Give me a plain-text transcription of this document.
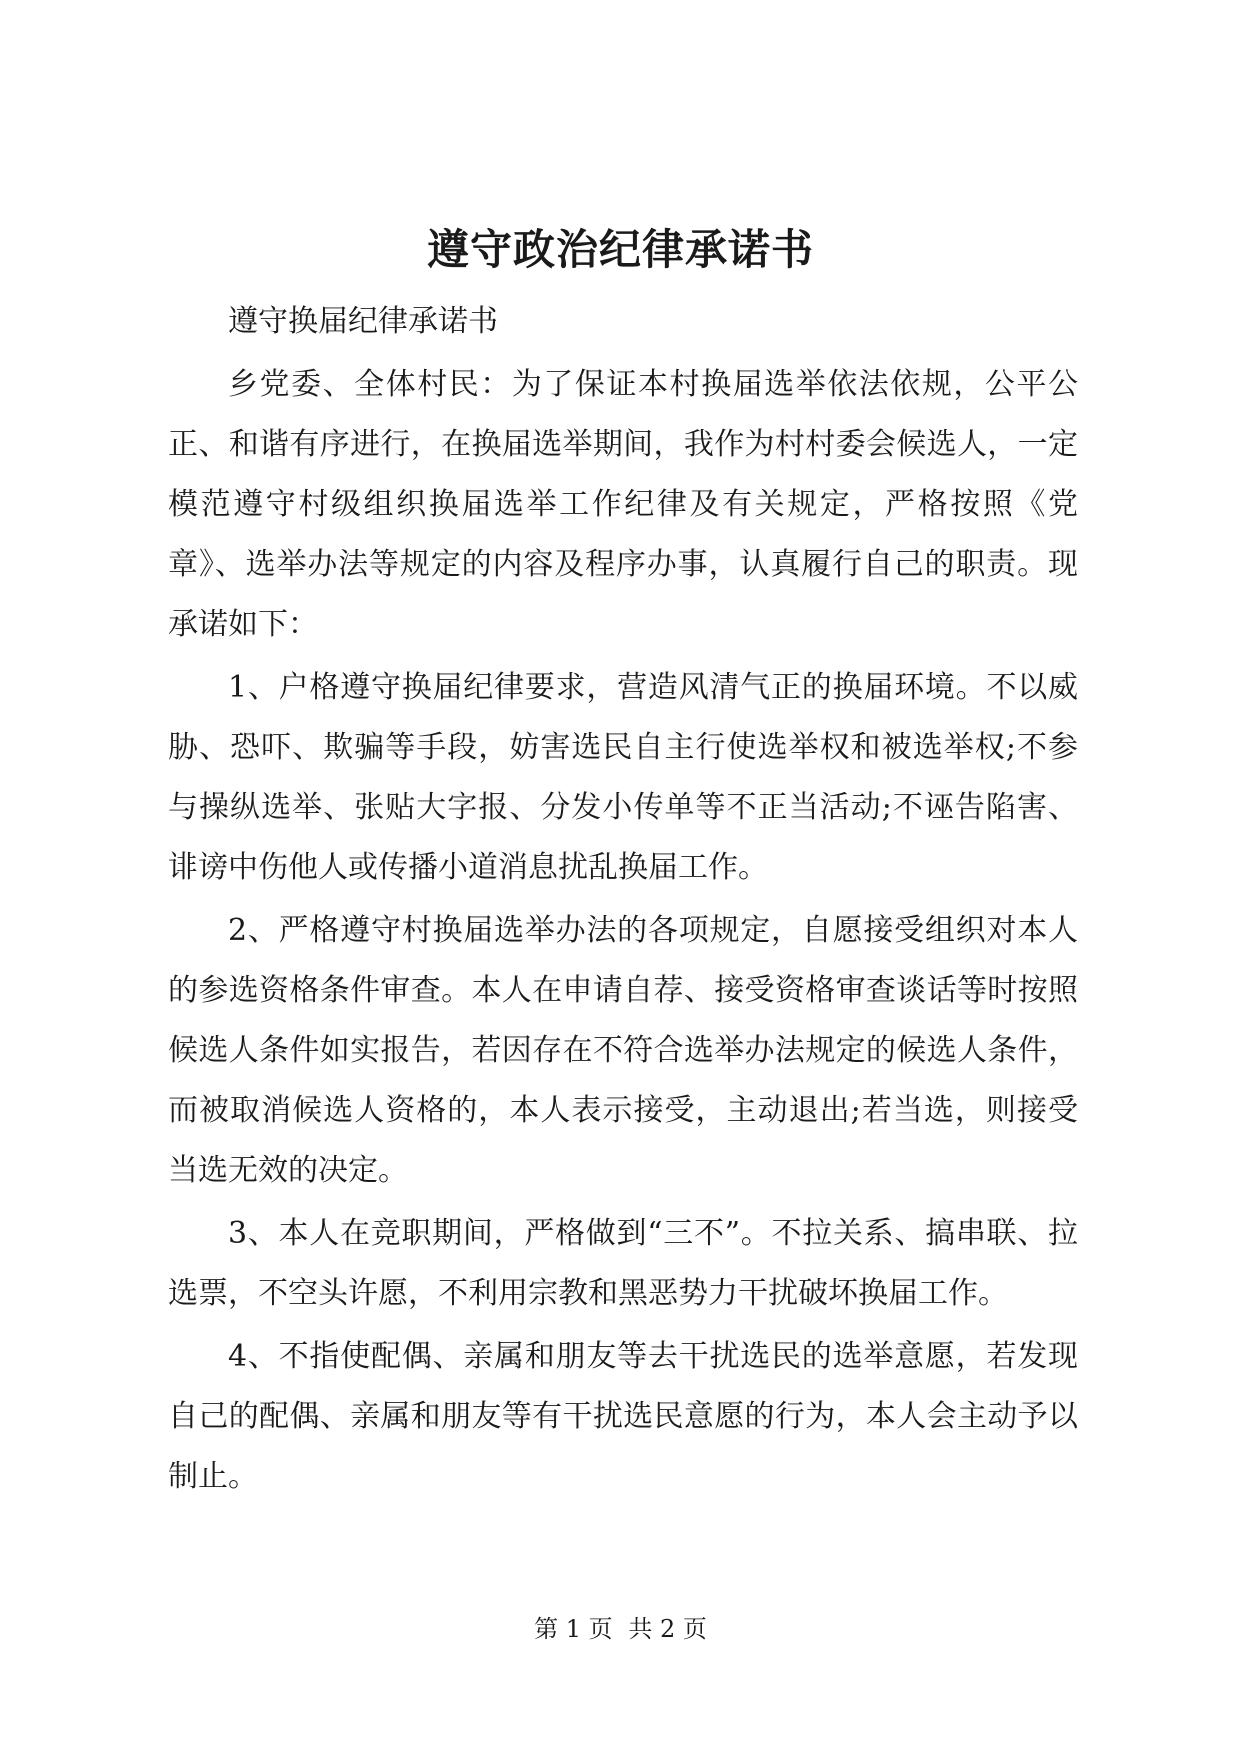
遵守政治纪律承诺书

遵守换届纪律承诺书

乡党委、全体村民：为了保证本村换届选举依法依规，公平公正、和谐有序进行，在换届选举期间，我作为村村委会候选人，一定模范遵守村级组织换届选举工作纪律及有关规定，严格按照《党章》、选举办法等规定的内容及程序办事，认真履行自己的职责。现承诺如下：

1、户格遵守换届纪律要求，营造风清气正的换届环境。不以威胁、恐吓、欺骗等手段，妨害选民自主行使选举权和被选举权;不参与操纵选举、张贴大字报、分发小传单等不正当活动;不诬告陷害、诽谤中伤他人或传播小道消息扰乱换届工作。

2、严格遵守村换届选举办法的各项规定，自愿接受组织对本人的参选资格条件审查。本人在申请自荐、接受资格审查谈话等时按照候选人条件如实报告，若因存在不符合选举办法规定的候选人条件，而被取消候选人资格的，本人表示接受，主动退出;若当选，则接受当选无效的决定。

3、本人在竞职期间，严格做到“三不”。不拉关系、搞串联、拉选票，不空头许愿，不利用宗教和黑恶势力干扰破坏换届工作。

4、不指使配偶、亲属和朋友等去干扰选民的选举意愿，若发现自己的配偶、亲属和朋友等有干扰选民意愿的行为，本人会主动予以制止。

第 1 页 共 2 页
